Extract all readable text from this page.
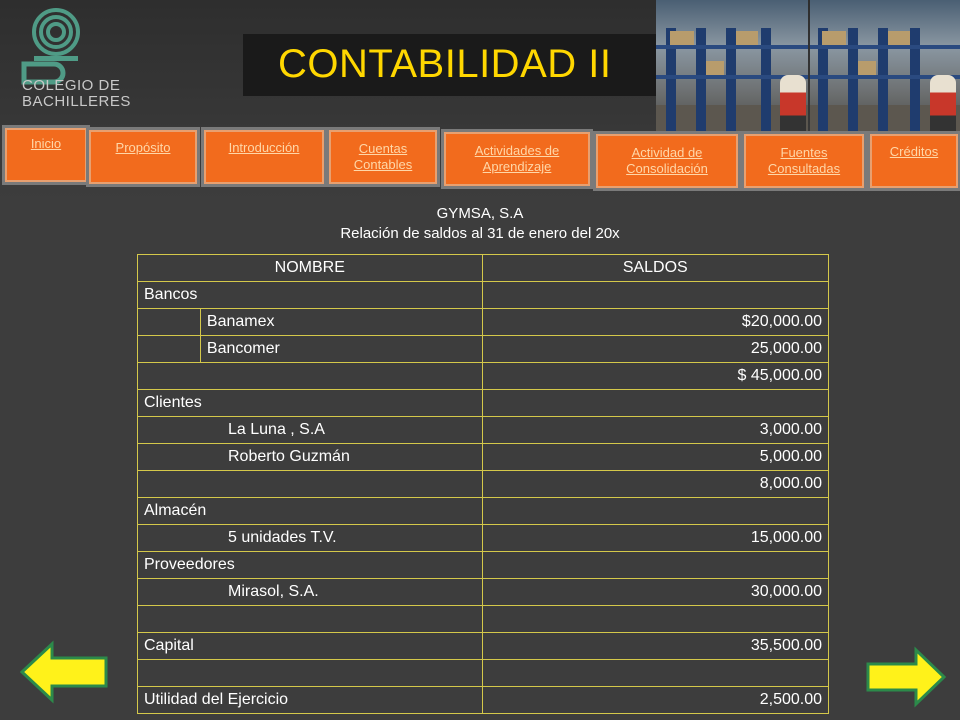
COLEGIO DE
BACHILLERES
CONTABILIDAD II
Inicio	Propósito	Introducción	Cuentas Contables
Actividades de Aprendizaje
Actividad de Consolidación
Fuentes Consultadas
Créditos
GYMSA, S.A
Relación de saldos al 31 de enero del 20x
NOMBRE		SALDOS
Bancos		
	Banamex	$20,000.00
	Bancomer	25,000.00
		$ 45,000.00
Clientes		
La Luna , S.A		3,000.00
Roberto Guzmán		5,000.00
		8,000.00
Almacén		
5 unidades T.V.		15,000.00
Proveedores		
Mirasol, S.A.		30,000.00

Capital		35,500.00

Utilidad del Ejercicio		2,500.00
